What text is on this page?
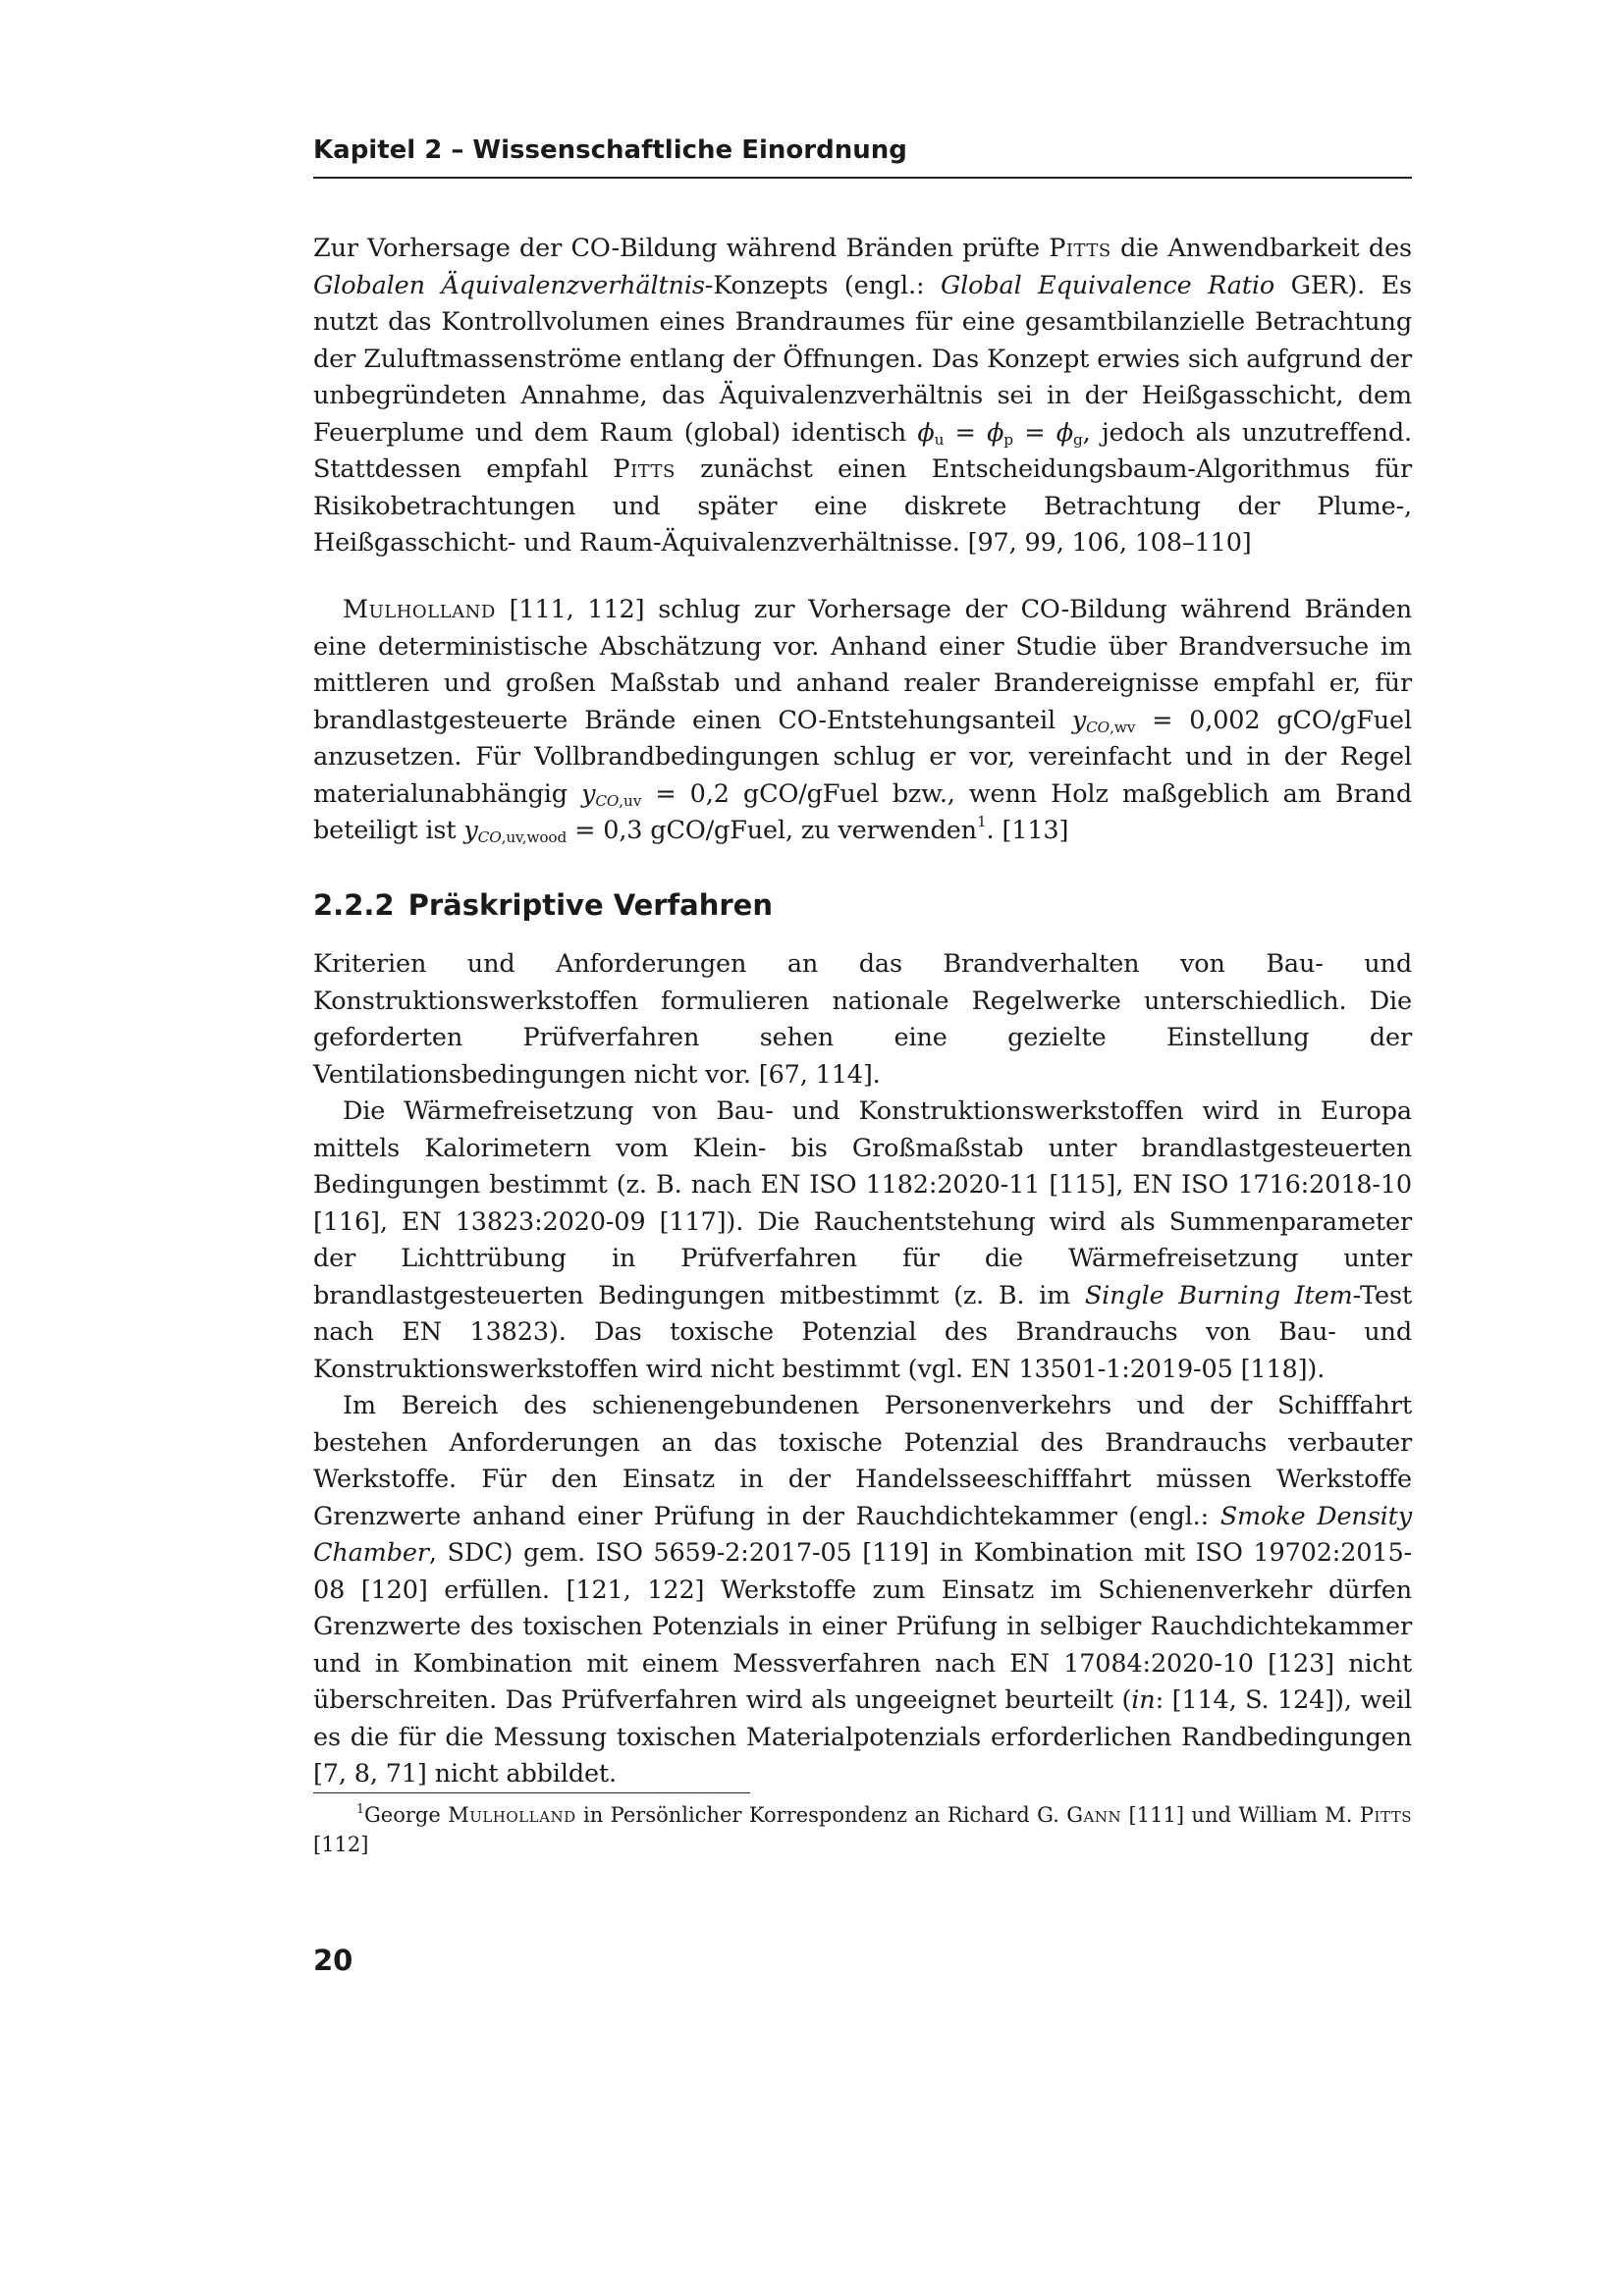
Kapitel 2 – Wissenschaftliche Einordnung

Zur Vorhersage der CO-Bildung während Bränden prüfte Pitts die Anwendbarkeit des Globalen Äquivalenzverhältnis-Konzepts (engl.: Global Equivalence Ratio GER). Es nutzt das Kontrollvolumen eines Brandraumes für eine gesamtbilanzielle Betrachtung der Zuluftmassenströme entlang der Öffnungen. Das Konzept erwies sich aufgrund der unbegründeten Annahme, das Äquivalenzverhältnis sei in der Heißgasschicht, dem Feuerplume und dem Raum (global) identisch $\phi_u = \phi_p = \phi_g$, jedoch als unzutreffend. Stattdessen empfahl Pitts zunächst einen Entscheidungsbaum-Algorithmus für Risikobetrachtungen und später eine diskrete Betrachtung der Plume-, Heißgasschicht- und Raum-Äquivalenzverhältnisse. [97, 99, 106, 108–110]

Mulholland [111, 112] schlug zur Vorhersage der CO-Bildung während Bränden eine deterministische Abschätzung vor. Anhand einer Studie über Brandversuche im mittleren und großen Maßstab und anhand realer Brandereignisse empfahl er, für brandlastgesteuerte Brände einen CO-Entstehungsanteil $y_{CO,wv} = 0,002$ gCO/gFuel anzusetzen. Für Vollbrandbedingungen schlug er vor, vereinfacht und in der Regel materialunabhängig $y_{CO,uv} = 0,2$ gCO/gFuel bzw., wenn Holz maßgeblich am Brand beteiligt ist $y_{CO,uv,wood} = 0,3$ gCO/gFuel, zu verwenden$^1$. [113]

2.2.2 Präskriptive Verfahren

Kriterien und Anforderungen an das Brandverhalten von Bau- und Konstruktionswerkstoffen formulieren nationale Regelwerke unterschiedlich. Die geforderten Prüfverfahren sehen eine gezielte Einstellung der Ventilationsbedingungen nicht vor. [67, 114].

Die Wärmefreisetzung von Bau- und Konstruktionswerkstoffen wird in Europa mittels Kalorimetern vom Klein- bis Großmaßstab unter brandlastgesteuerten Bedingungen bestimmt (z. B. nach EN ISO 1182:2020-11 [115], EN ISO 1716:2018-10 [116], EN 13823:2020-09 [117]). Die Rauchentstehung wird als Summenparameter der Lichttrübung in Prüfverfahren für die Wärmefreisetzung unter brandlastgesteuerten Bedingungen mitbestimmt (z. B. im Single Burning Item-Test nach EN 13823). Das toxische Potenzial des Brandrauchs von Bau- und Konstruktionswerkstoffen wird nicht bestimmt (vgl. EN 13501-1:2019-05 [118]).

Im Bereich des schienengebundenen Personenverkehrs und der Schifffahrt bestehen Anforderungen an das toxische Potenzial des Brandrauchs verbauter Werkstoffe. Für den Einsatz in der Handelsseeschifffahrt müssen Werkstoffe Grenzwerte anhand einer Prüfung in der Rauchdichtekammer (engl.: Smoke Density Chamber, SDC) gem. ISO 5659-2:2017-05 [119] in Kombination mit ISO 19702:2015-08 [120] erfüllen. [121, 122] Werkstoffe zum Einsatz im Schienenverkehr dürfen Grenzwerte des toxischen Potenzials in einer Prüfung in selbiger Rauchdichtekammer und in Kombination mit einem Messverfahren nach EN 17084:2020-10 [123] nicht überschreiten. Das Prüfverfahren wird als ungeeignet beurteilt (in: [114, S. 124]), weil es die für die Messung toxischen Materialpotenzials erforderlichen Randbedingungen [7, 8, 71] nicht abbildet.

$^1$George Mulholland in Persönlicher Korrespondenz an Richard G. Gann [111] und William M. Pitts [112]
20
